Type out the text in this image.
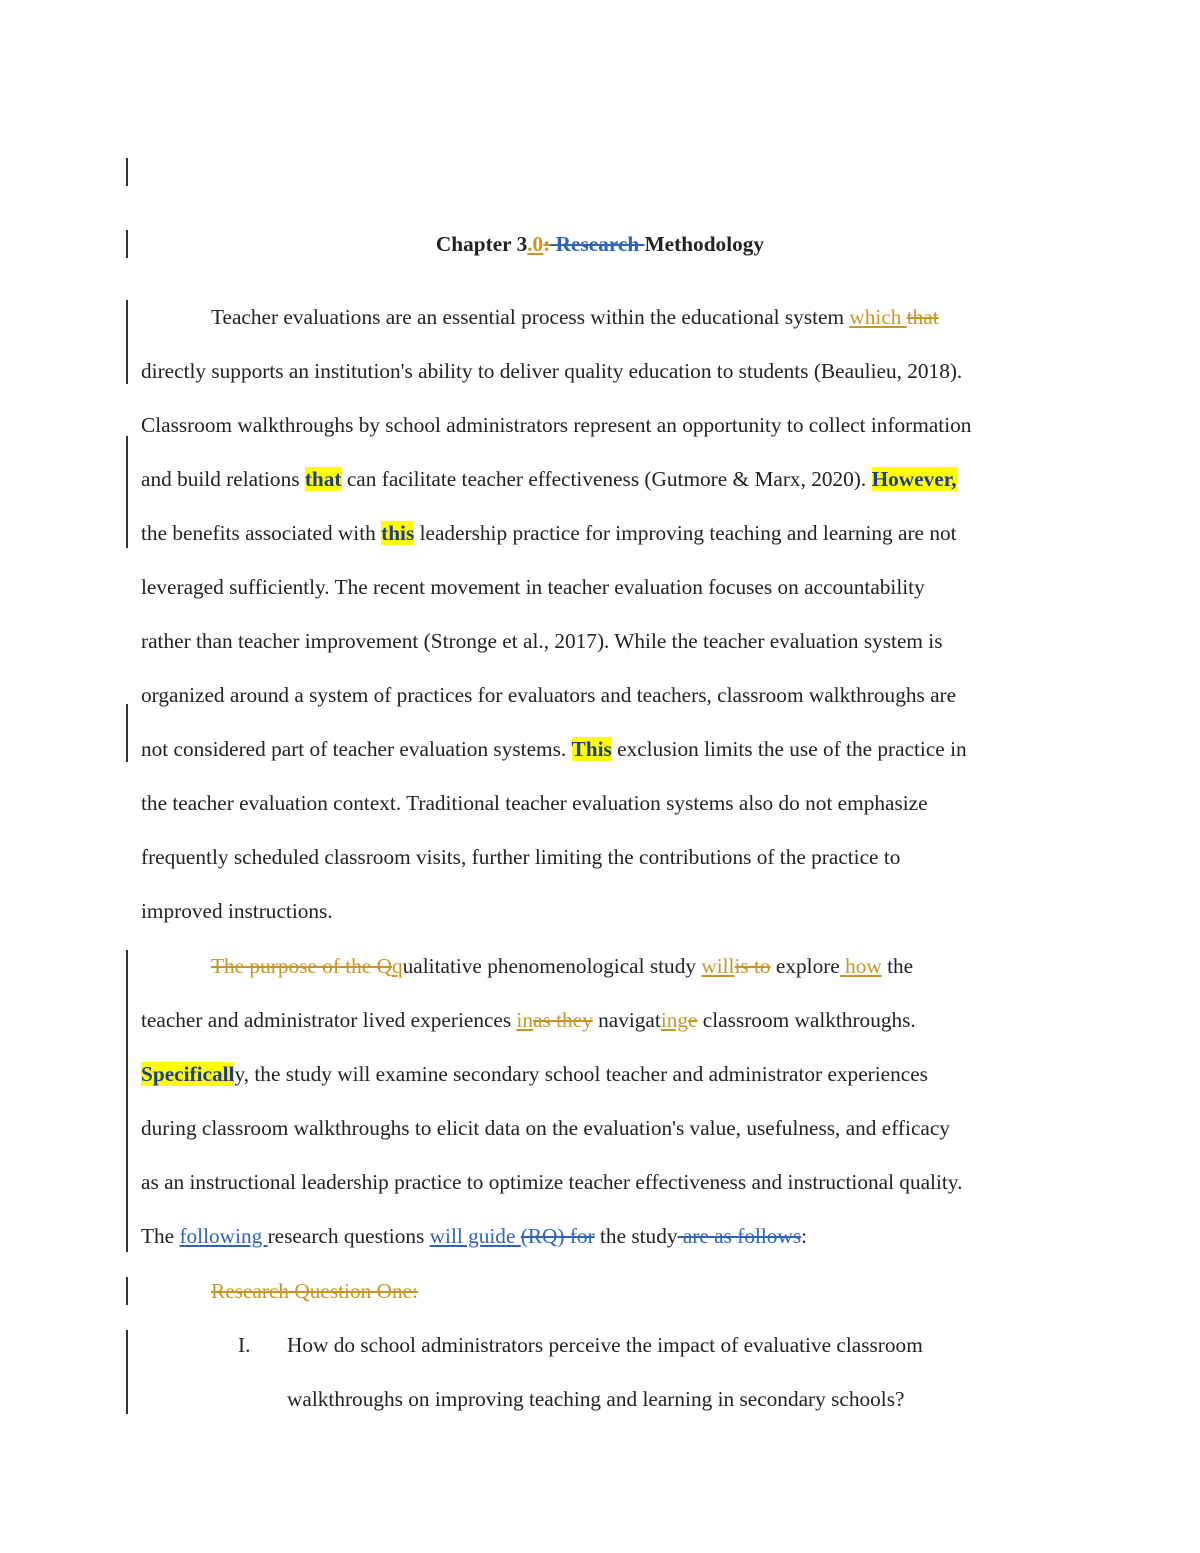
Chapter 3.0: Research Methodology
Teacher evaluations are an essential process within the educational system which that
directly supports an institution's ability to deliver quality education to students (Beaulieu, 2018).
Classroom walkthroughs by school administrators represent an opportunity to collect information
and build relations that can facilitate teacher effectiveness (Gutmore & Marx, 2020). However,
the benefits associated with this leadership practice for improving teaching and learning are not
leveraged sufficiently. The recent movement in teacher evaluation focuses on accountability
rather than teacher improvement (Stronge et al., 2017). While the teacher evaluation system is
organized around a system of practices for evaluators and teachers, classroom walkthroughs are
not considered part of teacher evaluation systems. This exclusion limits the use of the practice in
the teacher evaluation context. Traditional teacher evaluation systems also do not emphasize
frequently scheduled classroom visits, further limiting the contributions of the practice to
improved instructions.
The purpose of the Qqualitative phenomenological study willis to explore how the
teacher and administrator lived experiences inas they navigatinge classroom walkthroughs.
Specifically, the study will examine secondary school teacher and administrator experiences
during classroom walkthroughs to elicit data on the evaluation's value, usefulness, and efficacy
as an instructional leadership practice to optimize teacher effectiveness and instructional quality.
The following research questions will guide (RQ) for the study are as follows:
Research Question One:
I. How do school administrators perceive the impact of evaluative classroom
walkthroughs on improving teaching and learning in secondary schools?
